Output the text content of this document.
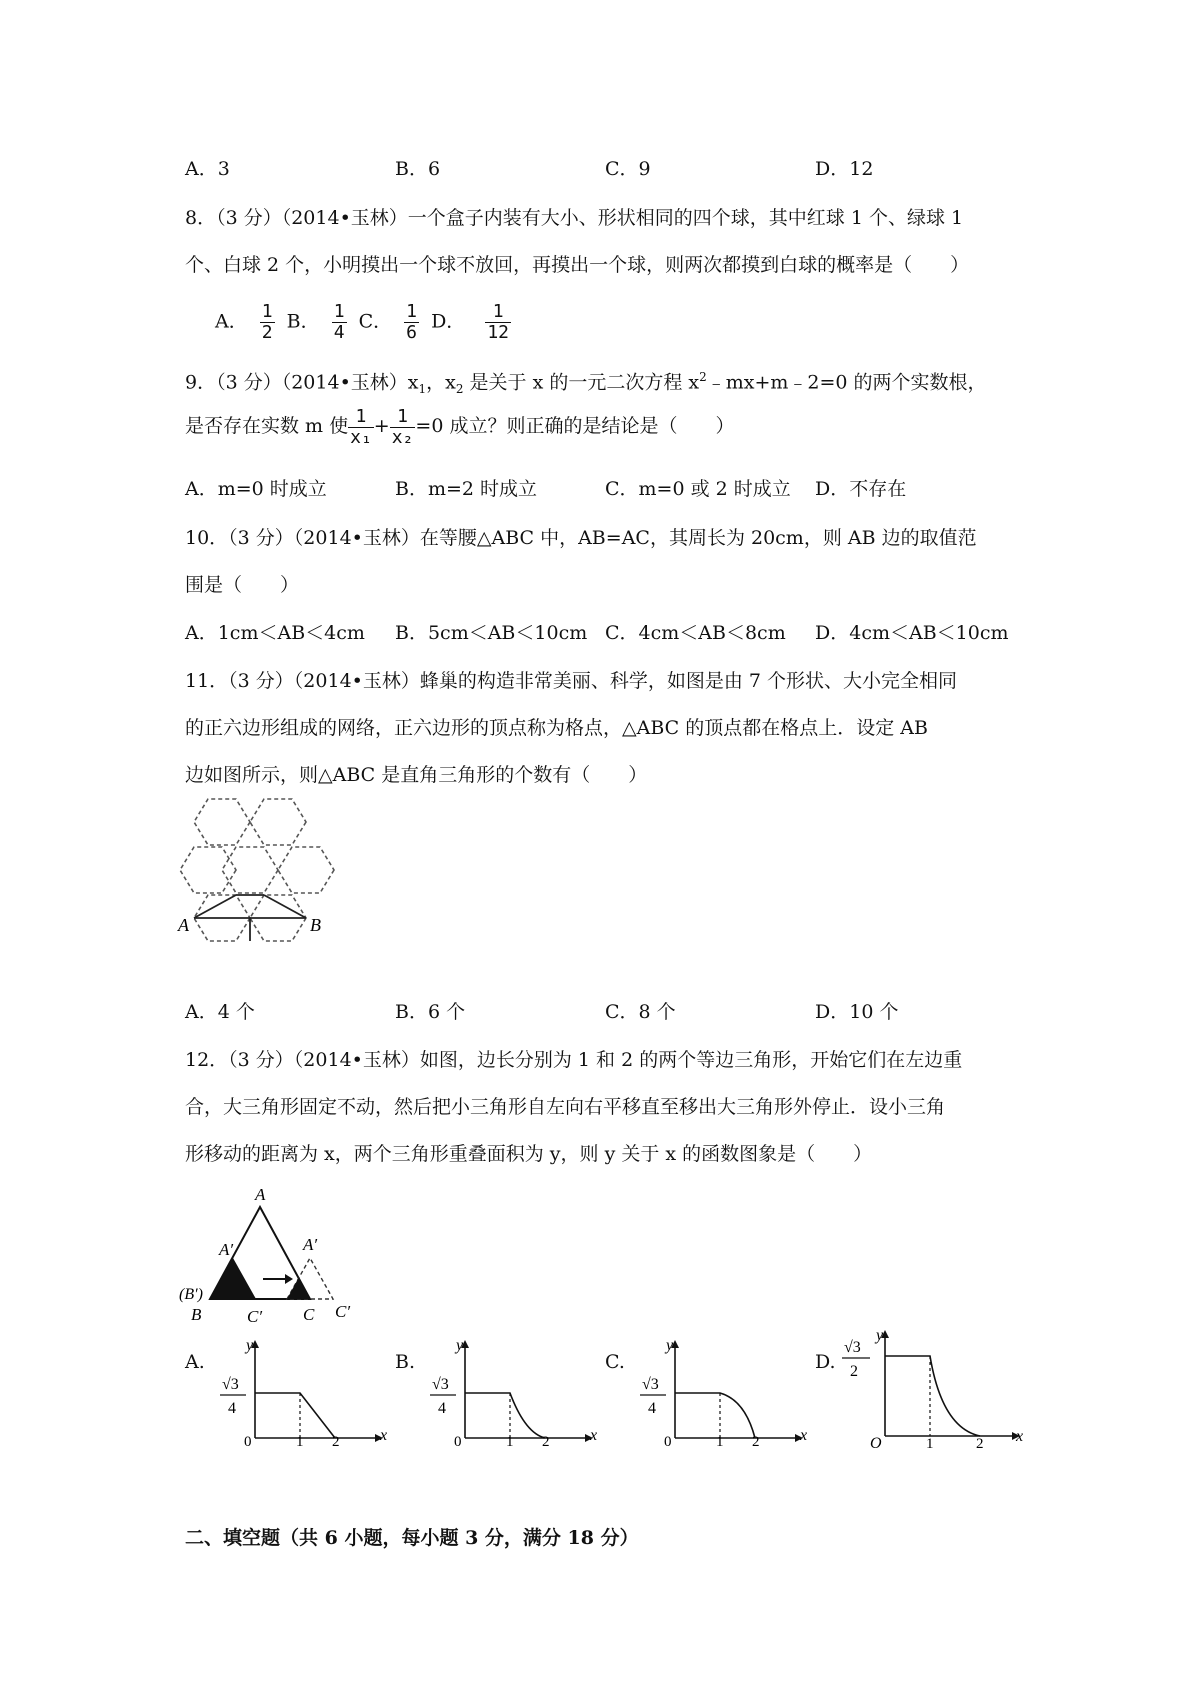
A．3	B．6	C．9	D．12
8．（3 分）（2014•玉林）一个盒子内装有大小、形状相同的四个球，其中红球 1 个、绿球 1
个、白球 2 个，小明摸出一个球不放回，再摸出一个球，则两次都摸到白球的概率是（　　）
A． $\frac{1}{2}$ B． $\frac{1}{4}$ C． $\frac{1}{6}$ D． $\frac{1}{12}$
9．（3 分）（2014•玉林）$x_1$，$x_2$ 是关于 x 的一元二次方程 $x^2﹣mx+m﹣2=0$ 的两个实数根，
是否存在实数 m 使 $\frac{1}{\text{x₁}} + \frac{1}{\text{x₂}} =0$ 成立？则正确的是结论是（　　）
A．m=0 时成立	B．m=2 时成立	C．m=0 或 2 时成立 D．不存在
10．（3 分）（2014•玉林）在等腰△ABC 中，AB=AC，其周长为 20cm，则 AB 边的取值范
围是（　　）
A．1cm＜AB＜4cm B．5cm＜AB＜10cm C．4cm＜AB＜8cm D．4cm＜AB＜10cm
11．（3 分）（2014•玉林）蜂巢的构造非常美丽、科学，如图是由 7 个形状、大小完全相同
的正六边形组成的网络，正六边形的顶点称为格点，△ABC 的顶点都在格点上．设定 AB
边如图所示，则△ABC 是直角三角形的个数有（　　）
A	B
A．4 个	B．6 个	C．8 个	D．10 个
12．（3 分）（2014•玉林）如图，边长分别为 1 和 2 的两个等边三角形，开始它们在左边重
合，大三角形固定不动，然后把小三角形自左向右平移直至移出大三角形外停止．设小三角
形移动的距离为 x，两个三角形重叠面积为 y，则 y 关于 x 的函数图象是（　　）
A
A′	A′
(B′)
B	C′ C C′
A.	B.	C.	D.
y
x
√3
4
0	1 2
y
x
√3
4
0	1 2
y
x
√3
4
0	1 2
y
x
√3
2
O	1	2
二、填空题（共 6 小题，每小题 3 分，满分 18 分）
